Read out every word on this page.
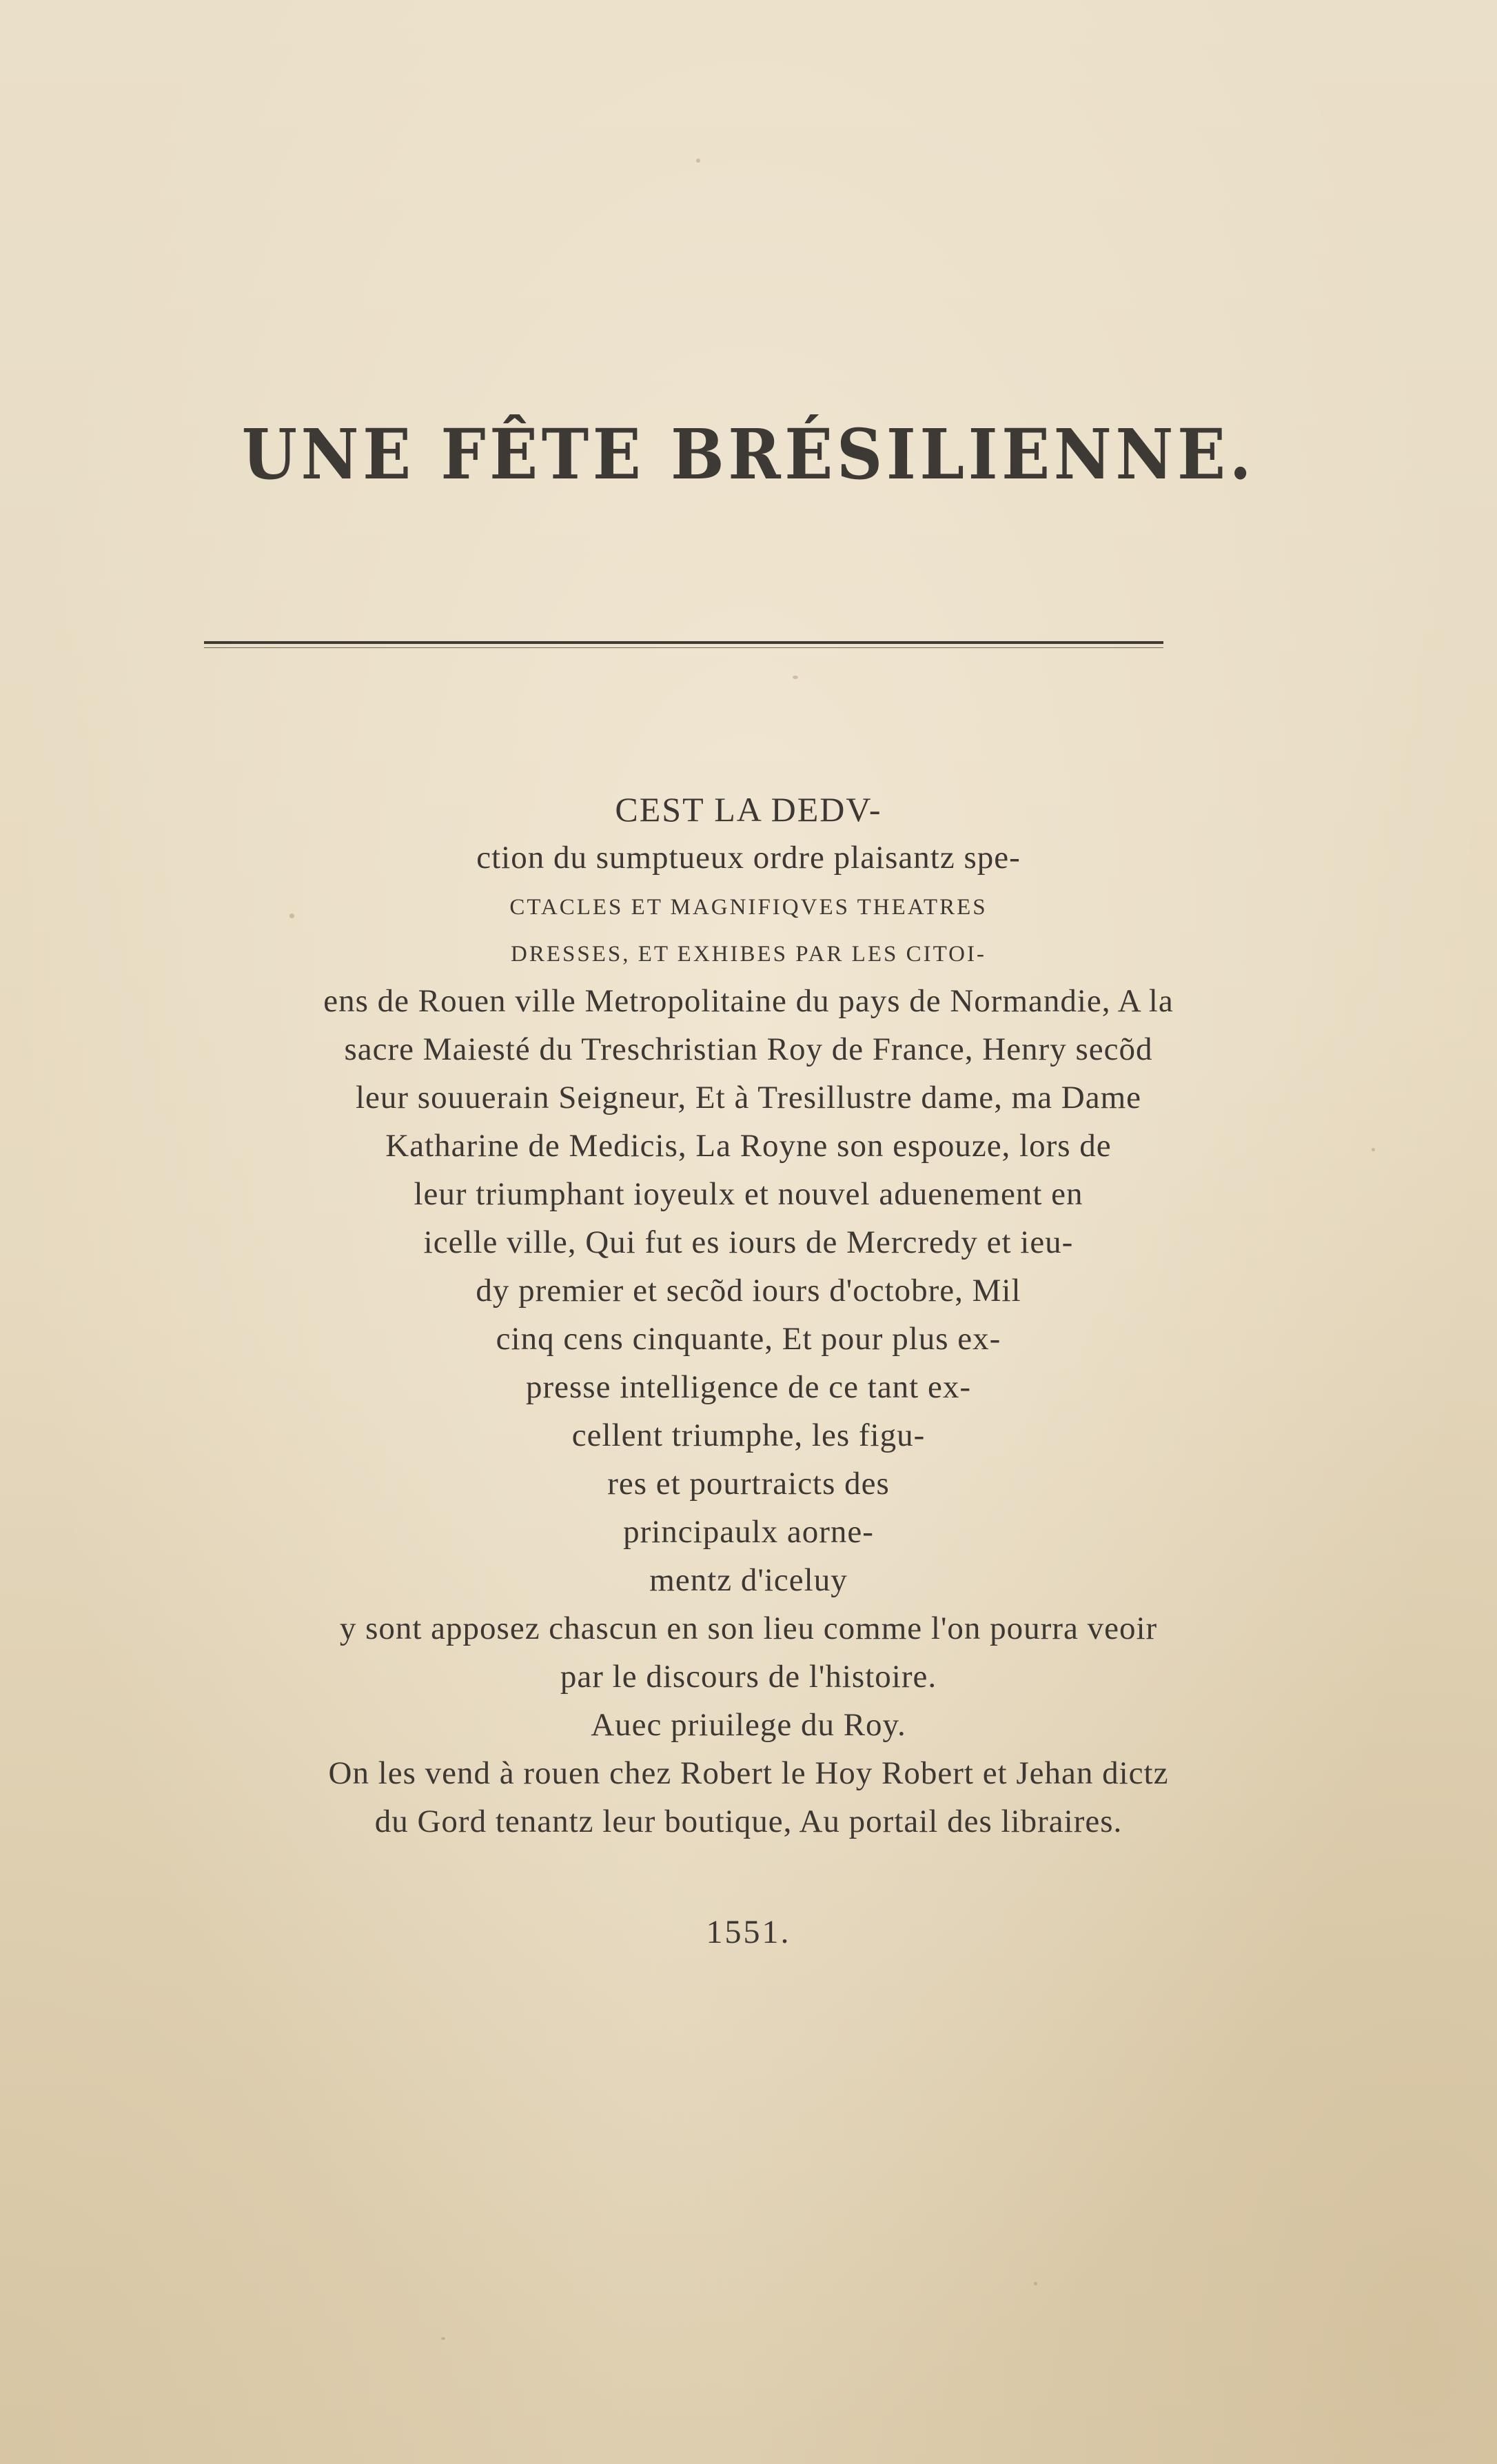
UNE FÊTE BRÉSILIENNE.
CEST LA DEDV-
ction du sumptueux ordre plaisantz spe-
CTACLES ET MAGNIFIQVES THEATRES
DRESSES, ET EXHIBES PAR LES CITOI-
ens de Rouen ville Metropolitaine du pays de Normandie, A la
sacre Maiesté du Treschristian Roy de France, Henry secõd
leur souuerain Seigneur, Et à Tresillustre dame, ma Dame
Katharine de Medicis, La Royne son espouze, lors de
leur triumphant ioyeulx et nouvel aduenement en
icelle ville, Qui fut es iours de Mercredy et ieu-
dy premier et secõd iours d'octobre, Mil
cinq cens cinquante, Et pour plus ex-
presse intelligence de ce tant ex-
cellent triumphe, les figu-
res et pourtraicts des
principaulx aorne-
mentz d'iceluy
y sont apposez chascun en son lieu comme l'on pourra veoir
par le discours de l'histoire.
Auec priuilege du Roy.
On les vend à rouen chez Robert le Hoy Robert et Jehan dictz
du Gord tenantz leur boutique, Au portail des libraires.
1551.
